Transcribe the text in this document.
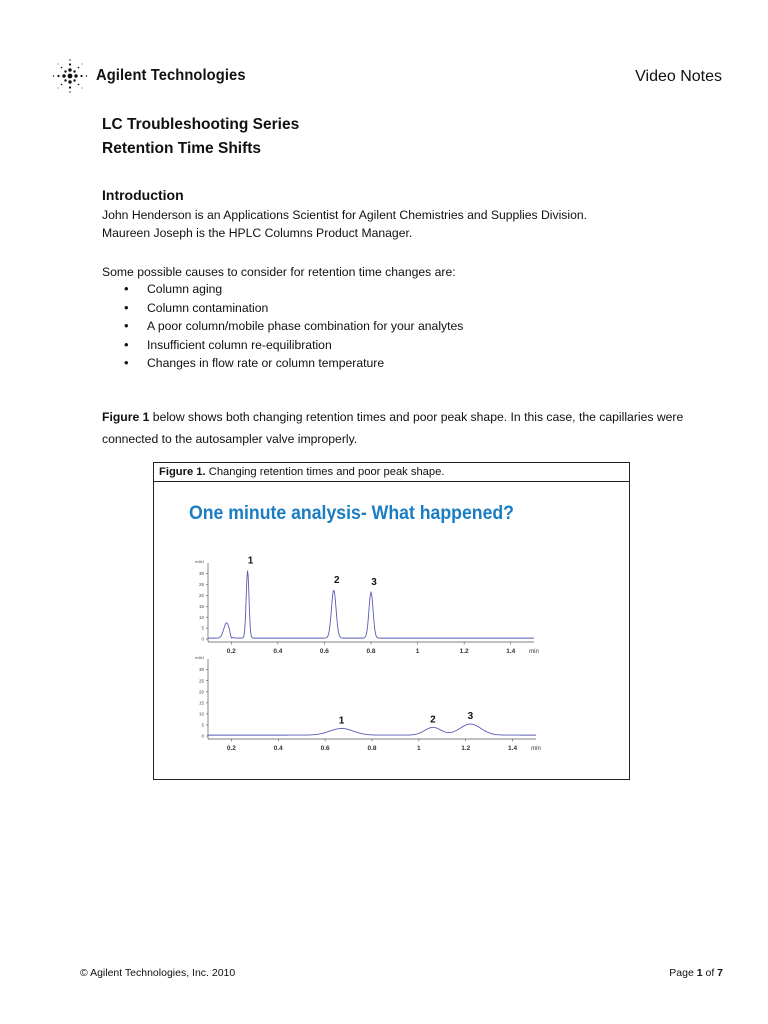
Agilent Technologies	Video Notes
LC Troubleshooting Series
Retention Time Shifts
Introduction
John Henderson is an Applications Scientist for Agilent Chemistries and Supplies Division.
Maureen Joseph is the HPLC Columns Product Manager.
Some possible causes to consider for retention time changes are:
• Column aging
• Column contamination
• A poor column/mobile phase combination for your analytes
• Insufficient column re-equilibration
• Changes in flow rate or column temperature
Figure 1 below shows both changing retention times and poor peak shape. In this case, the capillaries were connected to the autosampler valve improperly.
Figure 1. Changing retention times and poor peak shape.
One minute analysis- What happened?
0
5
10
15
20
25
30
mAU
0.2	0.4	0.6	0.8	1	1.2	1.4 min
1
2	3
0
5
10
15
20
25
30
mAU
0.2	0.4	0.6	0.8	1	1.2	1.4 min
1	2	3
© Agilent Technologies, Inc. 2010	Page 1 of 7
